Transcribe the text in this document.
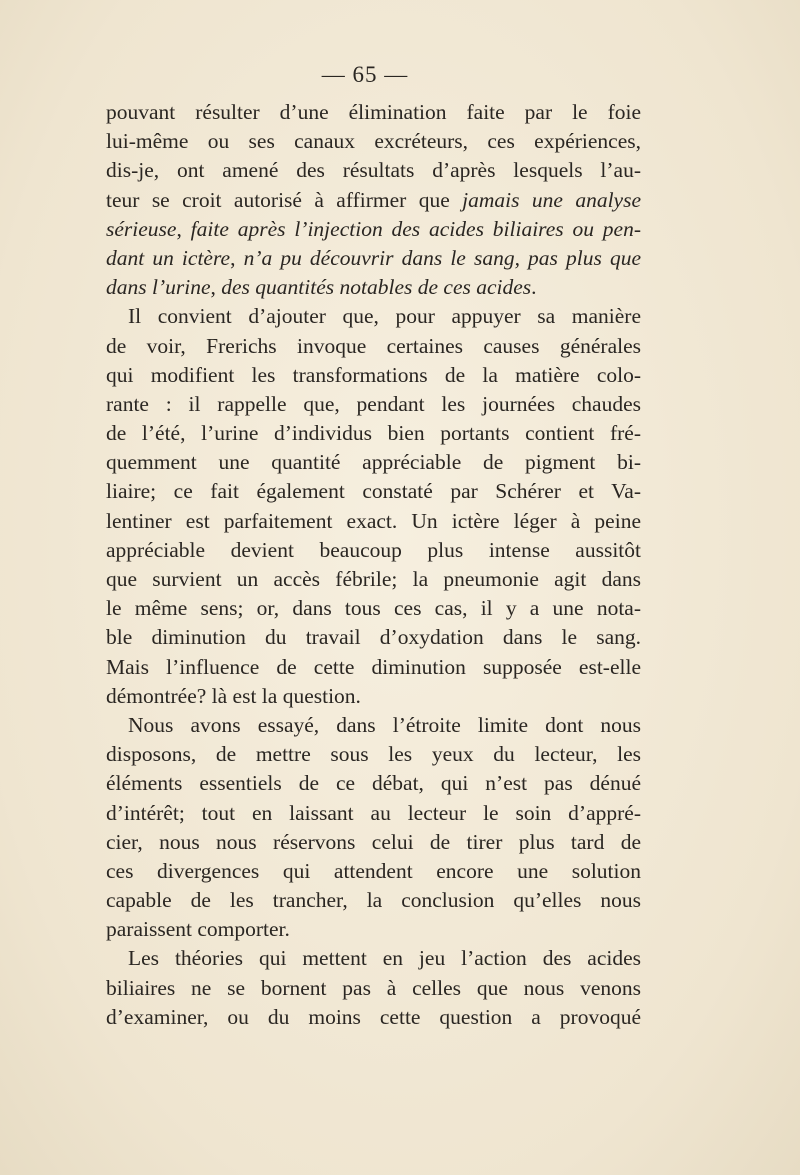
— 65 —
pouvant résulter d’une élimination faite par le foie
lui-même ou ses canaux excréteurs, ces expériences,
dis-je, ont amené des résultats d’après lesquels l’au-
teur se croit autorisé à affirmer que jamais une analyse
sérieuse, faite après l’injection des acides biliaires ou pen-
dant un ictère, n’a pu découvrir dans le sang, pas plus que
dans l’urine, des quantités notables de ces acides.
Il convient d’ajouter que, pour appuyer sa manière
de voir, Frerichs invoque certaines causes générales
qui modifient les transformations de la matière colo-
rante : il rappelle que, pendant les journées chaudes
de l’été, l’urine d’individus bien portants contient fré-
quemment une quantité appréciable de pigment bi-
liaire; ce fait également constaté par Schérer et Va-
lentiner est parfaitement exact. Un ictère léger à peine
appréciable devient beaucoup plus intense aussitôt
que survient un accès fébrile; la pneumonie agit dans
le même sens; or, dans tous ces cas, il y a une nota-
ble diminution du travail d’oxydation dans le sang.
Mais l’influence de cette diminution supposée est-elle
démontrée? là est la question.
Nous avons essayé, dans l’étroite limite dont nous
disposons, de mettre sous les yeux du lecteur, les
éléments essentiels de ce débat, qui n’est pas dénué
d’intérêt; tout en laissant au lecteur le soin d’appré-
cier, nous nous réservons celui de tirer plus tard de
ces divergences qui attendent encore une solution
capable de les trancher, la conclusion qu’elles nous
paraissent comporter.
Les théories qui mettent en jeu l’action des acides
biliaires ne se bornent pas à celles que nous venons
d’examiner, ou du moins cette question a provoqué
